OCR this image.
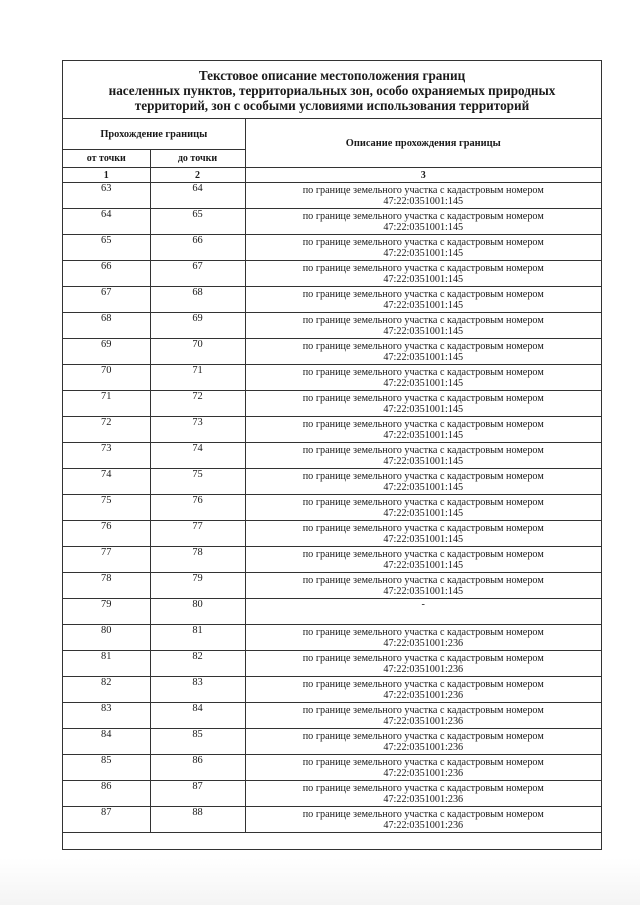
Текстовое описание местоположения границ
населенных пунктов, территориальных зон, особо охраняемых природных
территорий, зон с особыми условиями использования территорий
Прохождение границы		Описание прохождения границы
от точки	до точки	
1	2	3
63	64	по границе земельного участка с кадастровым номером
47:22:0351001:145

64	65	по границе земельного участка с кадастровым номером
47:22:0351001:145

65	66	по границе земельного участка с кадастровым номером
47:22:0351001:145

66	67	по границе земельного участка с кадастровым номером
47:22:0351001:145

67	68	по границе земельного участка с кадастровым номером
47:22:0351001:145

68	69	по границе земельного участка с кадастровым номером
47:22:0351001:145

69	70	по границе земельного участка с кадастровым номером
47:22:0351001:145

70	71	по границе земельного участка с кадастровым номером
47:22:0351001:145

71	72	по границе земельного участка с кадастровым номером
47:22:0351001:145

72	73	по границе земельного участка с кадастровым номером
47:22:0351001:145

73	74	по границе земельного участка с кадастровым номером
47:22:0351001:145

74	75	по границе земельного участка с кадастровым номером
47:22:0351001:145

75	76	по границе земельного участка с кадастровым номером
47:22:0351001:145

76	77	по границе земельного участка с кадастровым номером
47:22:0351001:145

77	78	по границе земельного участка с кадастровым номером
47:22:0351001:145

78	79	по границе земельного участка с кадастровым номером
47:22:0351001:145

79	80	-

80	81	по границе земельного участка с кадастровым номером
47:22:0351001:236

81	82	по границе земельного участка с кадастровым номером
47:22:0351001:236

82	83	по границе земельного участка с кадастровым номером
47:22:0351001:236

83	84	по границе земельного участка с кадастровым номером
47:22:0351001:236

84	85	по границе земельного участка с кадастровым номером
47:22:0351001:236

85	86	по границе земельного участка с кадастровым номером
47:22:0351001:236

86	87	по границе земельного участка с кадастровым номером
47:22:0351001:236

87	88	по границе земельного участка с кадастровым номером
47:22:0351001:236
